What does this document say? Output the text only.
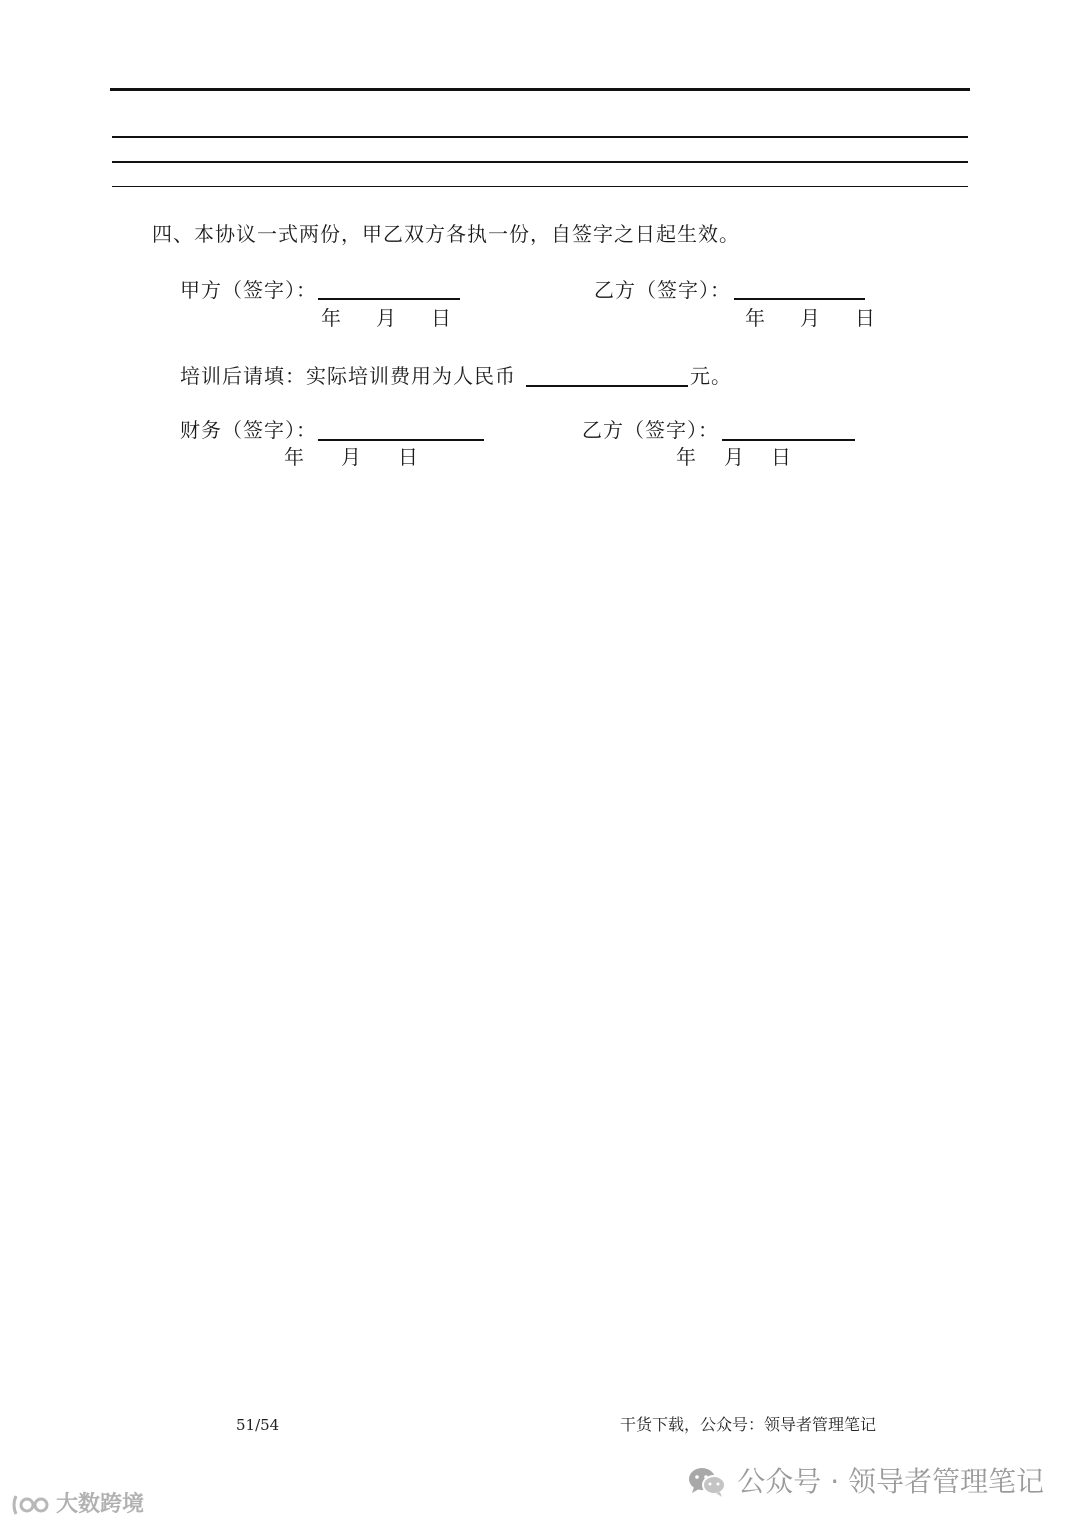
四、本协议一式两份，甲乙双方各执一份，自签字之日起生效。
甲方（签字）：
年 月 日
乙方（签字）：
年 月 日
培训后请填：实际培训费用为人民币	元。
财务（签字）：
年 月 日
乙方（签字）：
年 月 日
51/54	干货下载，公众号：领导者管理笔记
公众号 · 领导者管理笔记
大数跨境
